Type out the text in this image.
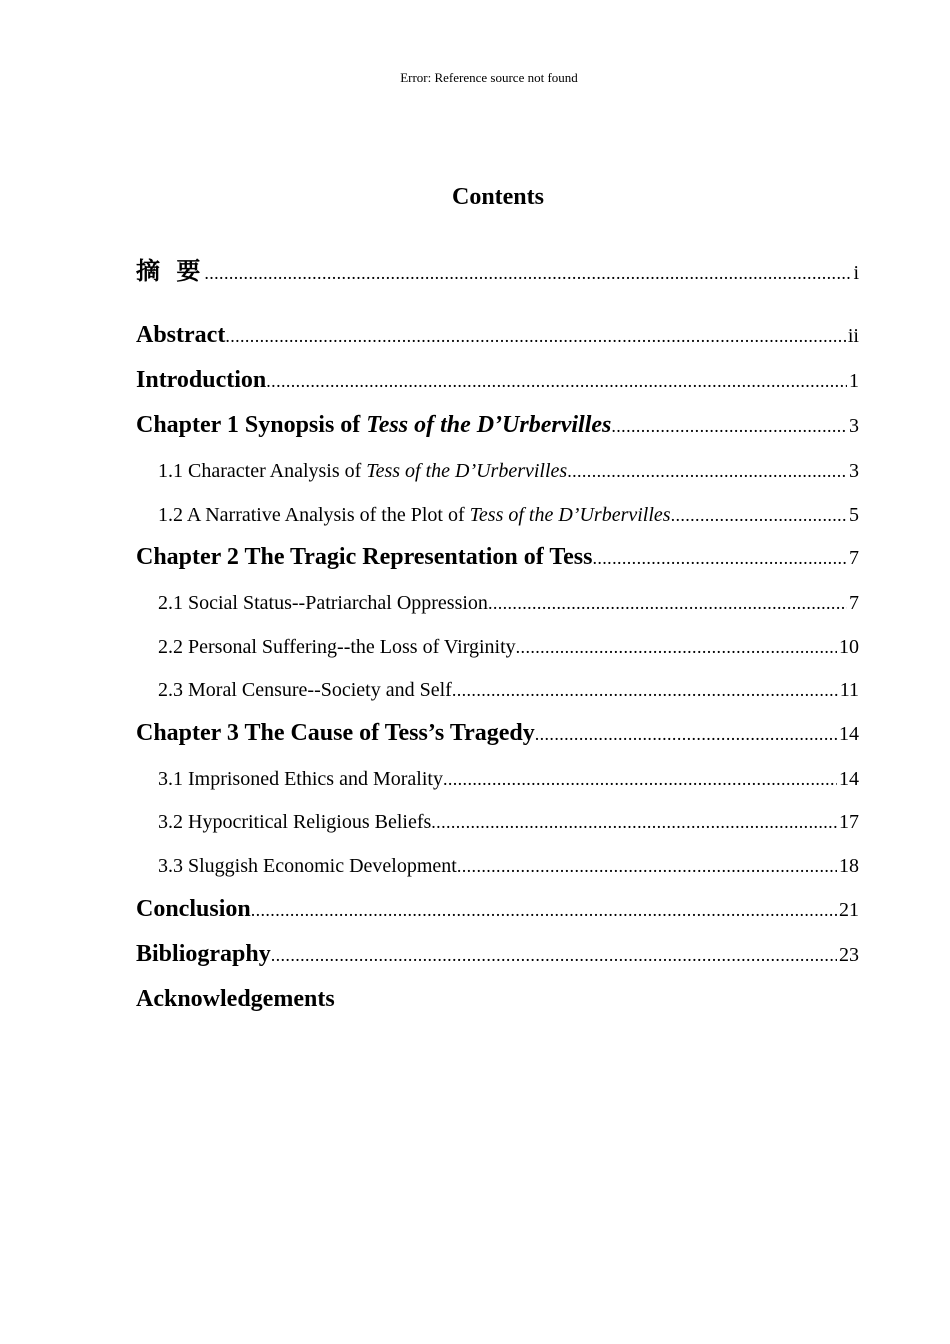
Error: Reference source not found
Contents
摘 要 .....	i
Abstract .....	ii
Introduction .....	1
Chapter 1 Synopsis of Tess of the D’Urbervilles .....	3
1.1 Character Analysis of Tess of the D’Urbervilles .....	3
1.2 A Narrative Analysis of the Plot of Tess of the D’Urbervilles .....	5
Chapter 2 The Tragic Representation of Tess .....	7
2.1 Social Status--Patriarchal Oppression .....	7
2.2 Personal Suffering--the Loss of Virginity .....	10
2.3 Moral Censure--Society and Self .....	11
Chapter 3 The Cause of Tess’s Tragedy .....	14
3.1 Imprisoned Ethics and Morality .....	14
3.2 Hypocritical Religious Beliefs .....	17
3.3 Sluggish Economic Development .....	18
Conclusion .....	21
Bibliography .....	23
Acknowledgements
